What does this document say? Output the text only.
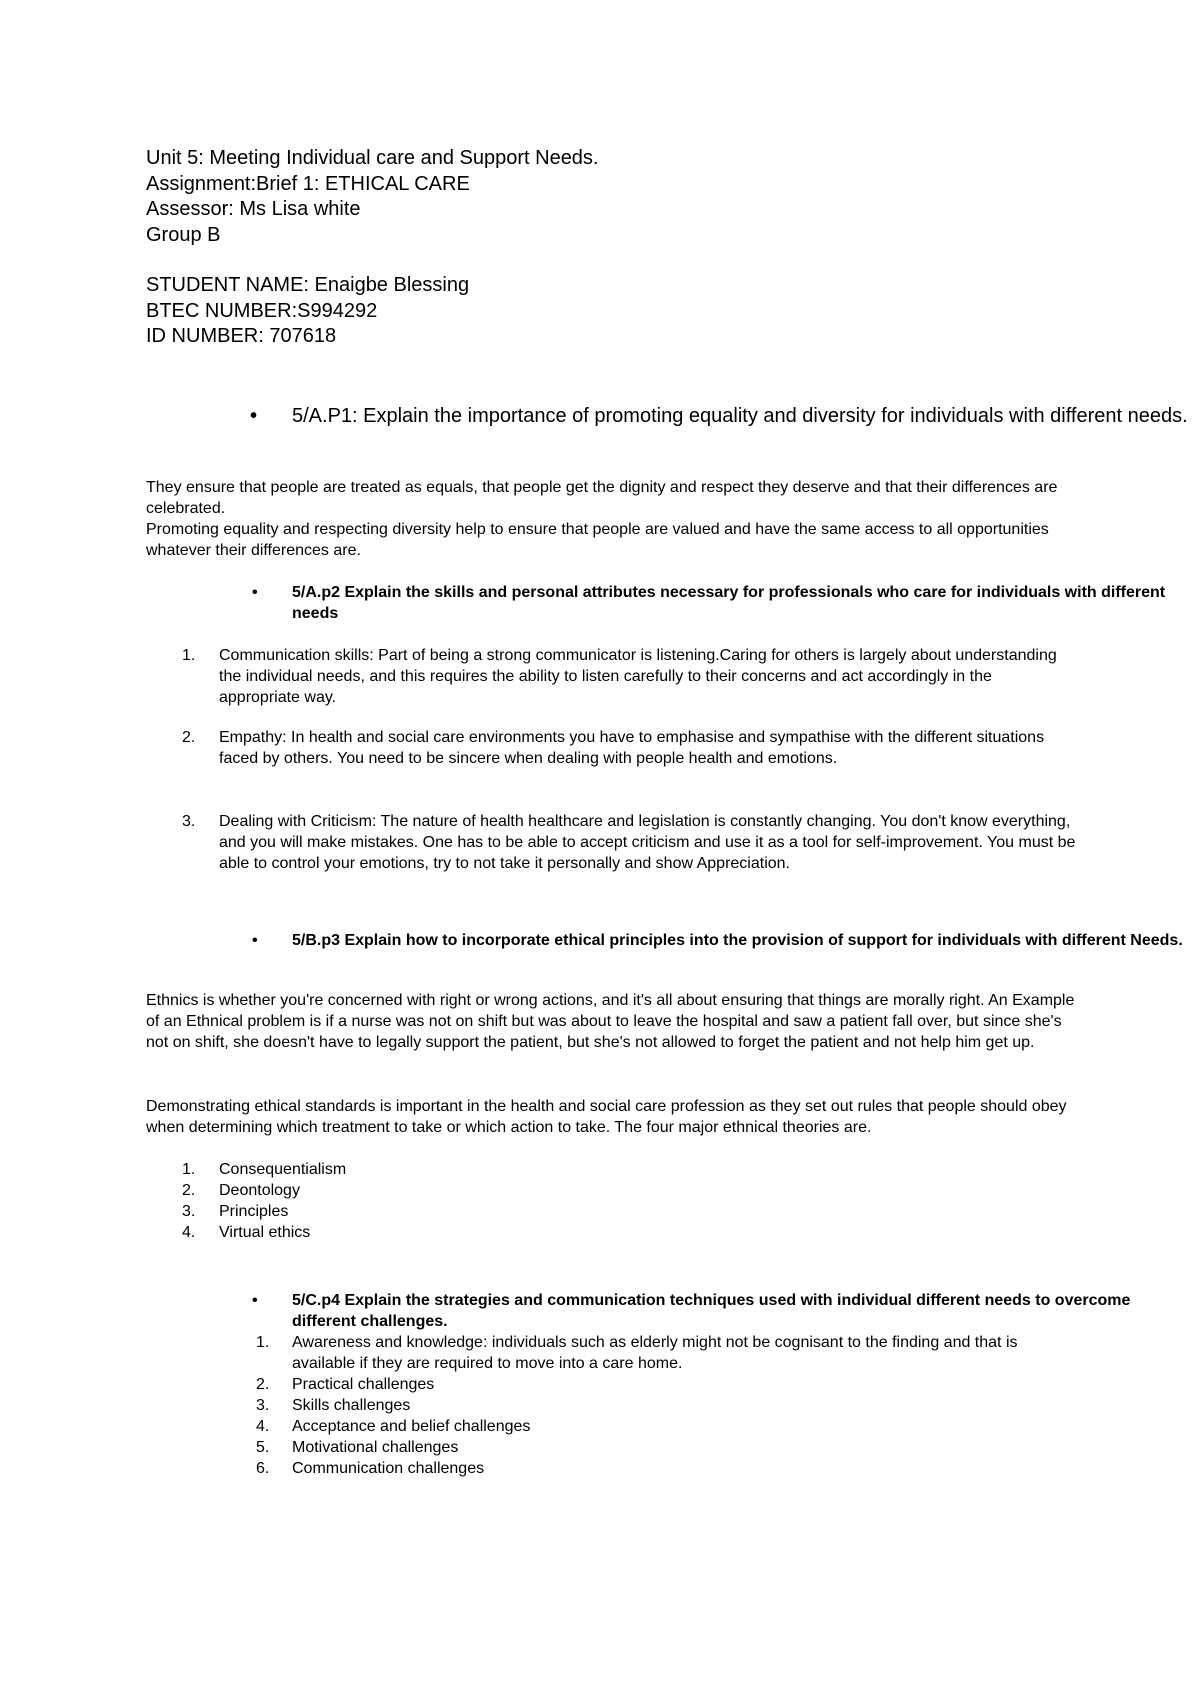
Unit 5: Meeting Individual care and Support Needs.
Assignment:Brief 1: ETHICAL CARE
Assessor: Ms Lisa white
Group B
STUDENT NAME: Enaigbe Blessing
BTEC NUMBER:S994292
ID NUMBER: 707618
• 5/A.P1: Explain the importance of promoting equality and diversity for individuals with different needs.

They ensure that people are treated as equals, that people get the dignity and respect they deserve and that their differences are celebrated.

Promoting equality and respecting diversity help to ensure that people are valued and have the same access to all opportunities whatever their differences are.

• 5/A.p2 Explain the skills and personal attributes necessary for professionals who care for individuals with different needs
1. Communication skills: Part of being a strong communicator is listening.Caring for others is largely about understanding the individual needs, and this requires the ability to listen carefully to their concerns and act accordingly in the appropriate way.
2. Empathy: In health and social care environments you have to emphasise and sympathise with the different situations faced by others. You need to be sincere when dealing with people health and emotions.
3. Dealing with Criticism: The nature of health healthcare and legislation is constantly changing. You don't know everything, and you will make mistakes. One has to be able to accept criticism and use it as a tool for self-improvement. You must be able to control your emotions, try to not take it personally and show Appreciation.
• 5/B.p3 Explain how to incorporate ethical principles into the provision of support for individuals with different Needs.

Ethnics is whether you're concerned with right or wrong actions, and it's all about ensuring that things are morally right. An Example of an Ethnical problem is if a nurse was not on shift but was about to leave the hospital and saw a patient fall over, but since she's not on shift, she doesn't have to legally support the patient, but she's not allowed to forget the patient and not help him get up.

Demonstrating ethical standards is important in the health and social care profession as they set out rules that people should obey when determining which treatment to take or which action to take. The four major ethnical theories are.

1. Consequentialism
2. Deontology
3. Principles
4. Virtual ethics
• 5/C.p4 Explain the strategies and communication techniques used with individual different needs to overcome different challenges.
1. Awareness and knowledge: individuals such as elderly might not be cognisant to the finding and that is available if they are required to move into a care home.
2. Practical challenges
3. Skills challenges
4. Acceptance and belief challenges
5. Motivational challenges
6. Communication challenges
